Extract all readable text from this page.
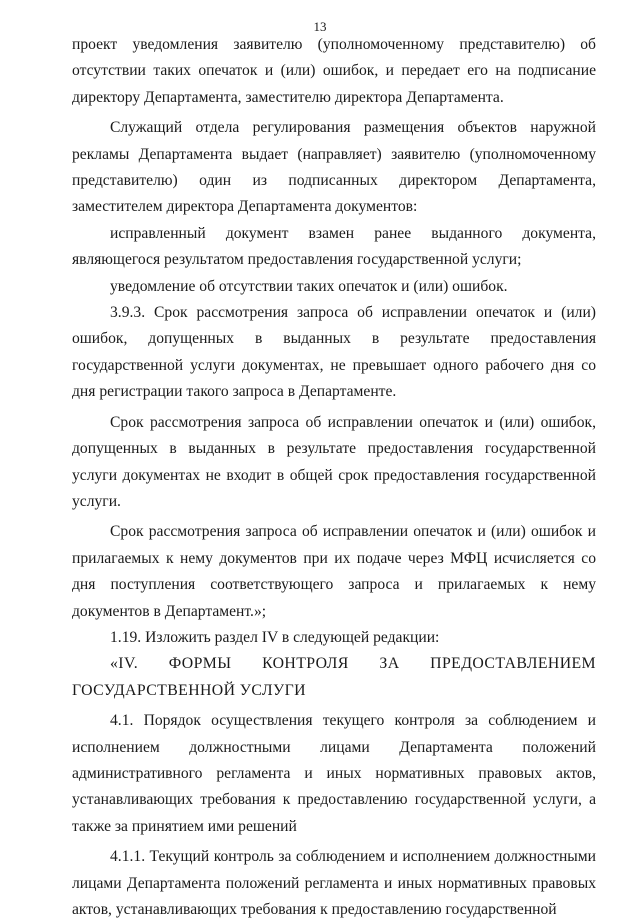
13

проект уведомления заявителю (уполномоченному представителю) об отсутствии таких опечаток и (или) ошибок, и передает его на подписание директору Департамента, заместителю директора Департамента.

Служащий отдела регулирования размещения объектов наружной рекламы Департамента выдает (направляет) заявителю (уполномоченному представителю) один из подписанных директором Департамента, заместителем директора Департамента документов:

исправленный документ взамен ранее выданного документа, являющегося результатом предоставления государственной услуги;

уведомление об отсутствии таких опечаток и (или) ошибок.

3.9.3. Срок рассмотрения запроса об исправлении опечаток и (или) ошибок, допущенных в выданных в результате предоставления государственной услуги документах, не превышает одного рабочего дня со дня регистрации такого запроса в Департаменте.

Срок рассмотрения запроса об исправлении опечаток и (или) ошибок, допущенных в выданных в результате предоставления государственной услуги документах не входит в общей срок предоставления государственной услуги.

Срок рассмотрения запроса об исправлении опечаток и (или) ошибок и прилагаемых к нему документов при их подаче через МФЦ исчисляется со дня поступления соответствующего запроса и прилагаемых к нему документов в Департамент.»;

1.19. Изложить раздел IV в следующей редакции:

«IV. ФОРМЫ КОНТРОЛЯ ЗА ПРЕДОСТАВЛЕНИЕМ ГОСУДАРСТВЕННОЙ УСЛУГИ

4.1. Порядок осуществления текущего контроля за соблюдением и исполнением должностными лицами Департамента положений административного регламента и иных нормативных правовых актов, устанавливающих требования к предоставлению государственной услуги, а также за принятием ими решений

4.1.1. Текущий контроль за соблюдением и исполнением должностными лицами Департамента положений регламента и иных нормативных правовых актов, устанавливающих требования к предоставлению государственной
